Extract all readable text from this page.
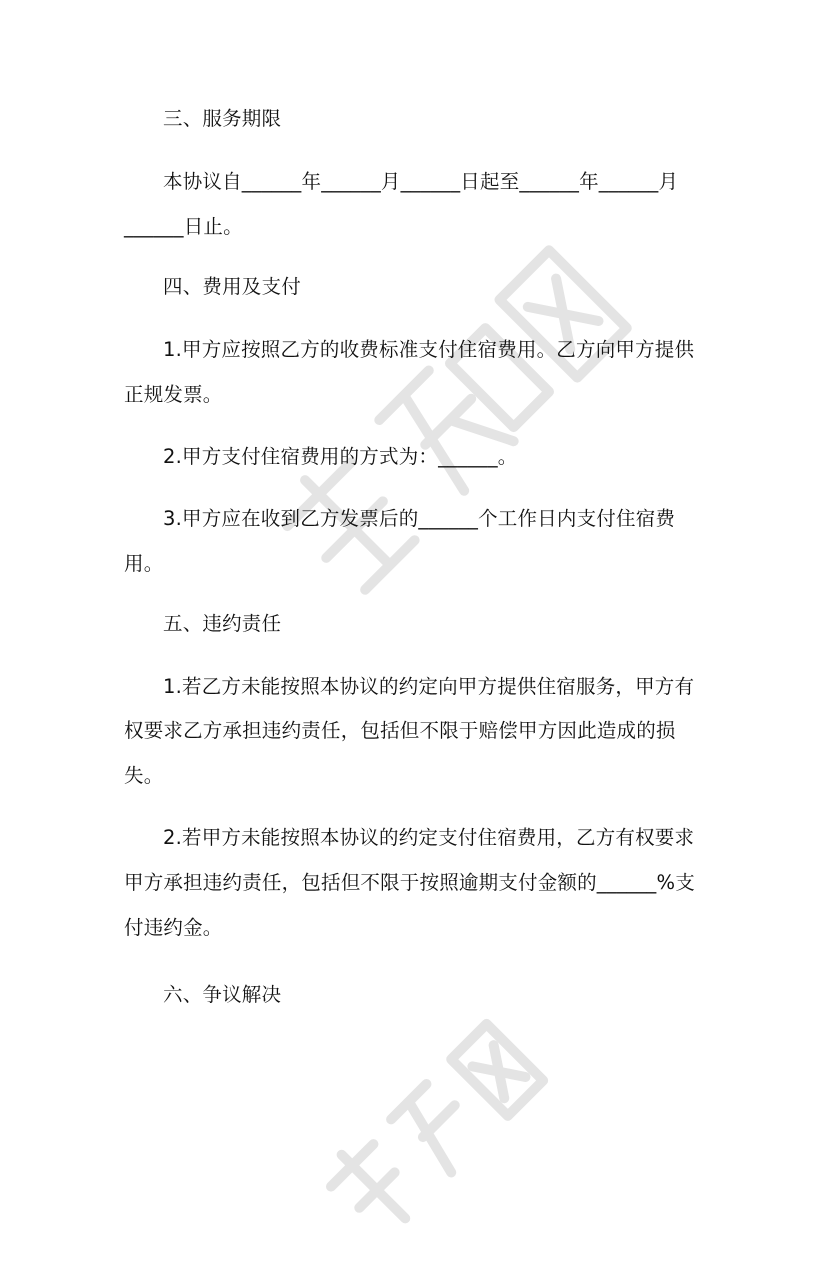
三、服务期限
本协议自______年______月______日起至______年______月
______日止。
四、费用及支付
1.甲方应按照乙方的收费标准支付住宿费用。乙方向甲方提供
正规发票。
2.甲方支付住宿费用的方式为：______。
3.甲方应在收到乙方发票后的______个工作日内支付住宿费
用。
五、违约责任
1.若乙方未能按照本协议的约定向甲方提供住宿服务，甲方有
权要求乙方承担违约责任，包括但不限于赔偿甲方因此造成的损
失。
2.若甲方未能按照本协议的约定支付住宿费用，乙方有权要求
甲方承担违约责任，包括但不限于按照逾期支付金额的______%支
付违约金。
六、争议解决
